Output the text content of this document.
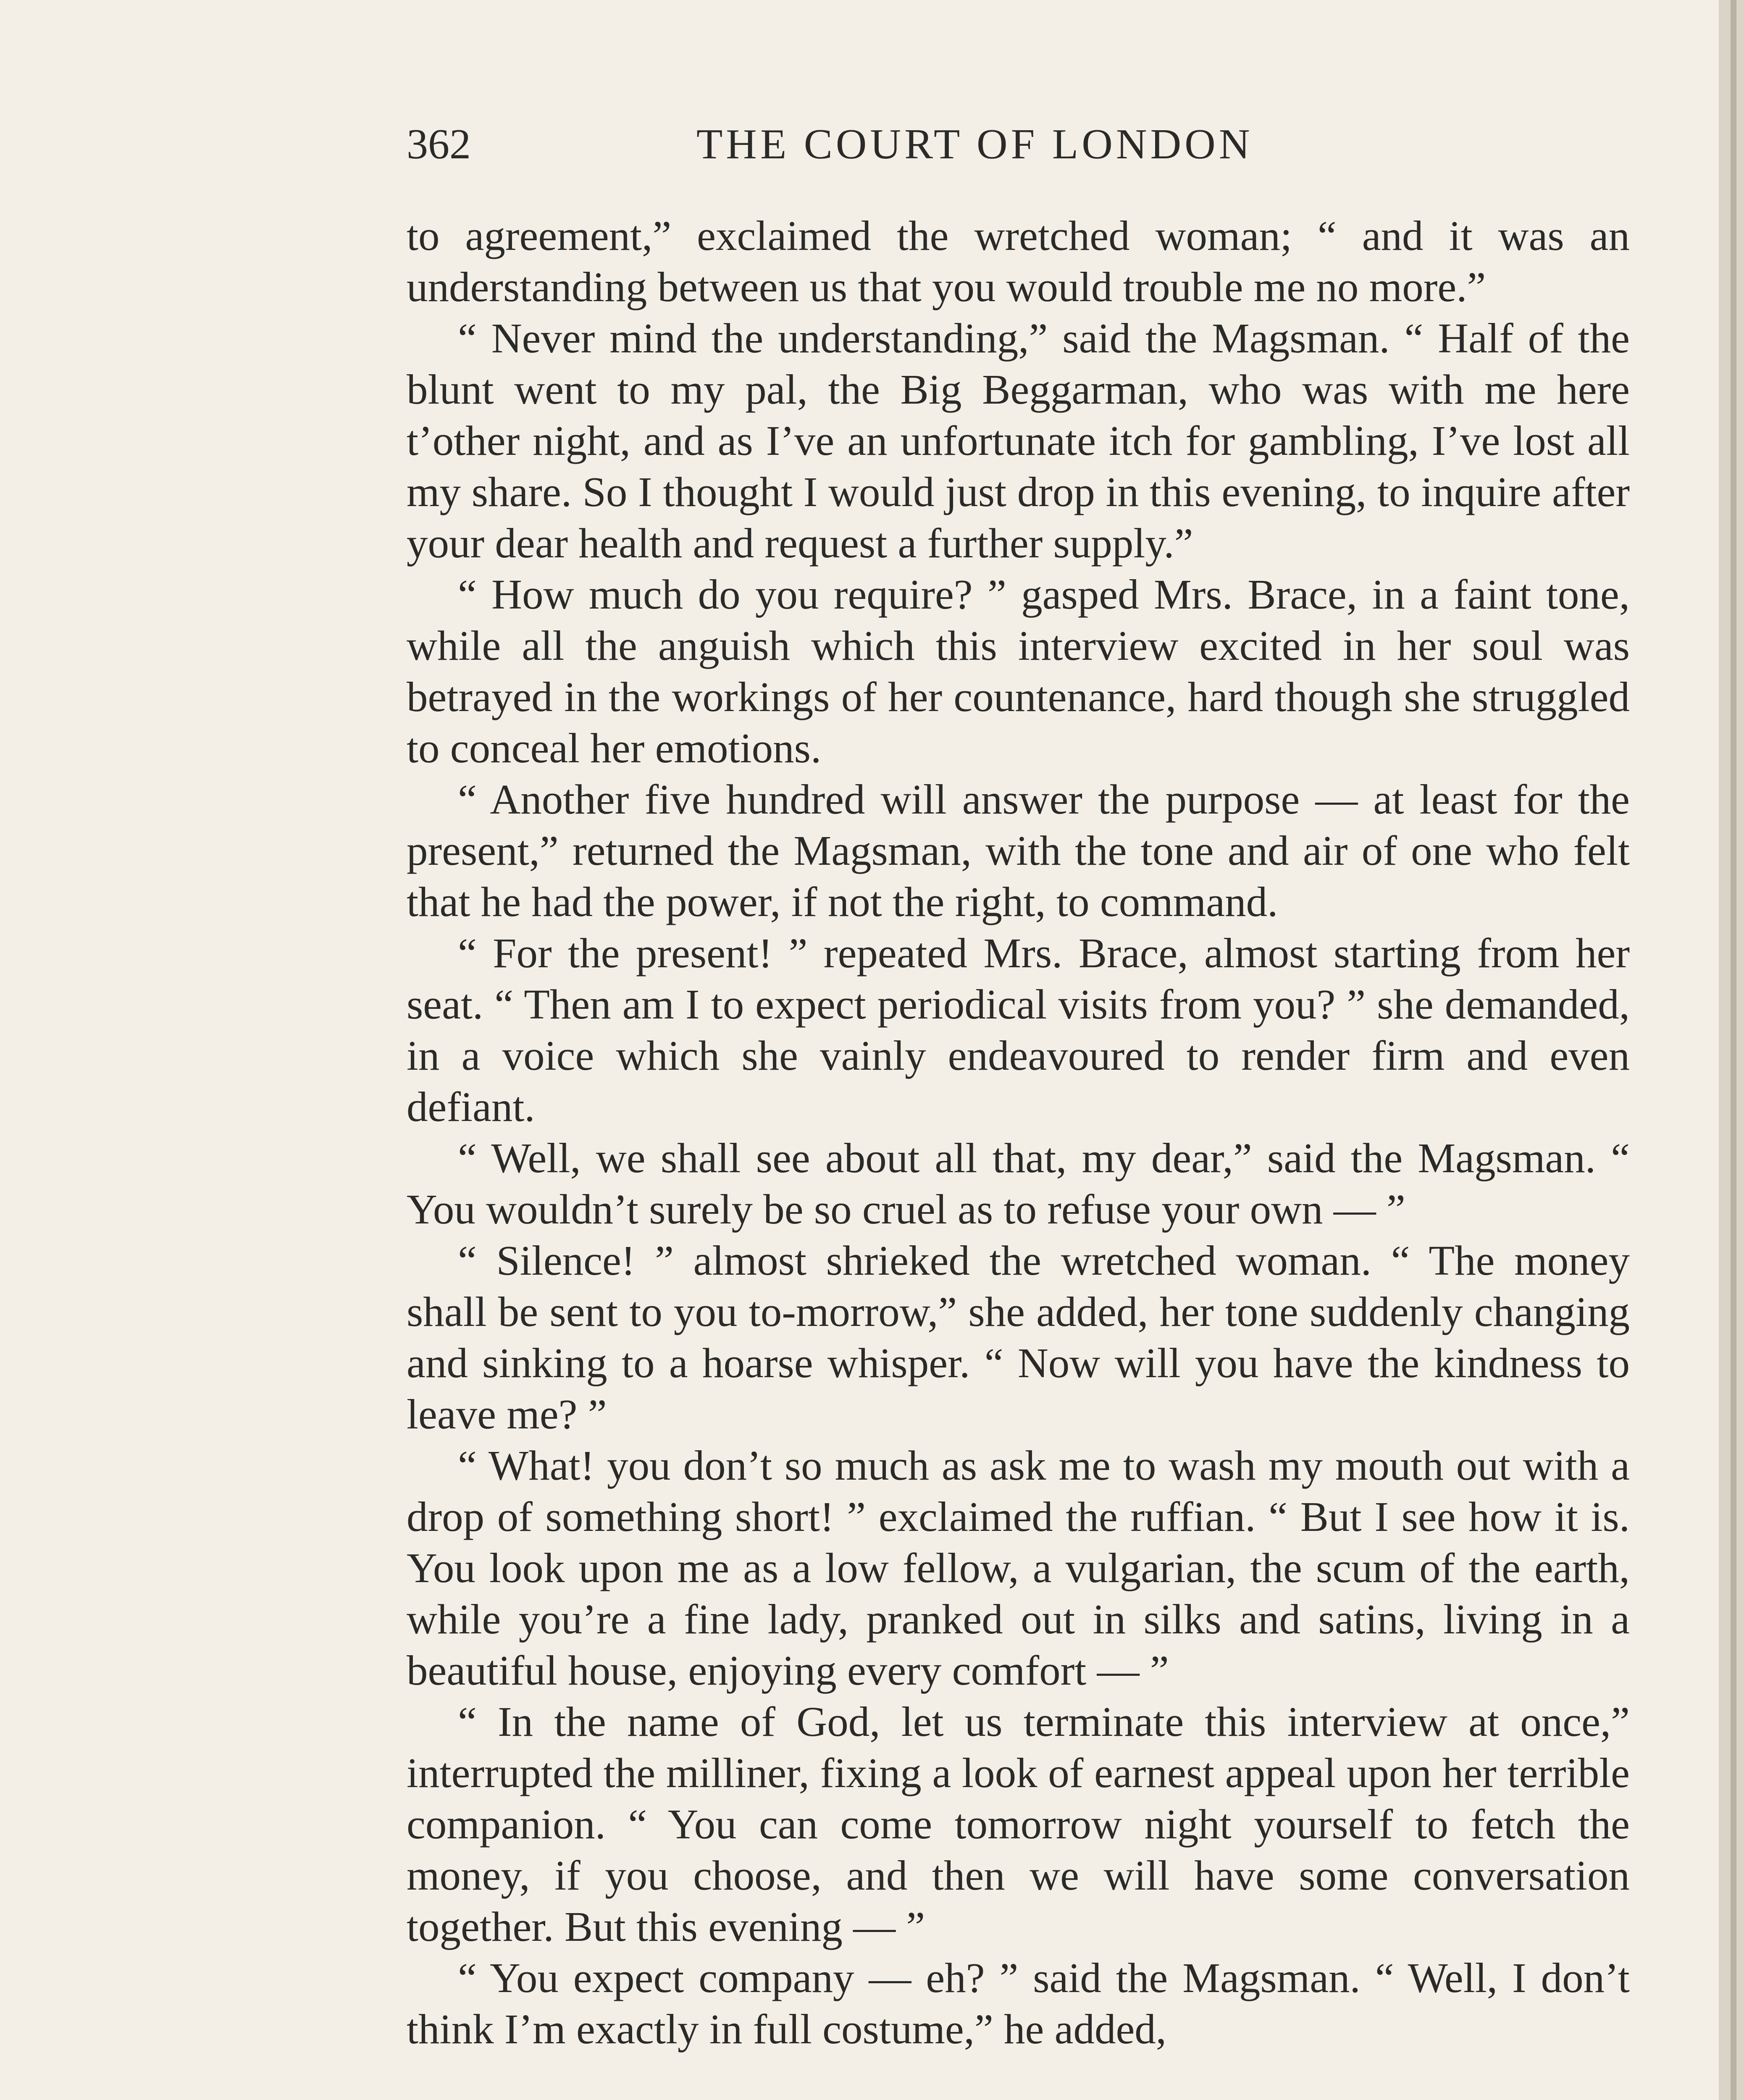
362	THE COURT OF LONDON

to agreement,” exclaimed the wretched woman; “ and it was an understanding between us that you would trouble me no more.”

“ Never mind the understanding,” said the Magsman. “ Half of the blunt went to my pal, the Big Beggarman, who was with me here t’other night, and as I’ve an unfortunate itch for gambling, I’ve lost all my share. So I thought I would just drop in this evening, to inquire after your dear health and request a further supply.”

“ How much do you require? ” gasped Mrs. Brace, in a faint tone, while all the anguish which this interview excited in her soul was betrayed in the workings of her countenance, hard though she struggled to conceal her emotions.

“ Another five hundred will answer the purpose — at least for the present,” returned the Magsman, with the tone and air of one who felt that he had the power, if not the right, to command.

“ For the present! ” repeated Mrs. Brace, almost starting from her seat. “ Then am I to expect periodical visits from you? ” she demanded, in a voice which she vainly endeavoured to render firm and even defiant.

“ Well, we shall see about all that, my dear,” said the Magsman. “ You wouldn’t surely be so cruel as to refuse your own — ”

“ Silence! ” almost shrieked the wretched woman. “ The money shall be sent to you to-morrow,” she added, her tone suddenly changing and sinking to a hoarse whisper. “ Now will you have the kindness to leave me? ”

“ What! you don’t so much as ask me to wash my mouth out with a drop of something short! ” exclaimed the ruffian. “ But I see how it is. You look upon me as a low fellow, a vulgarian, the scum of the earth, while you’re a fine lady, pranked out in silks and satins, living in a beautiful house, enjoying every comfort — ”

“ In the name of God, let us terminate this interview at once,” interrupted the milliner, fixing a look of earnest appeal upon her terrible companion. “ You can come tomorrow night yourself to fetch the money, if you choose, and then we will have some conversation together. But this evening — ”

“ You expect company — eh? ” said the Magsman. “ Well, I don’t think I’m exactly in full costume,” he added,
